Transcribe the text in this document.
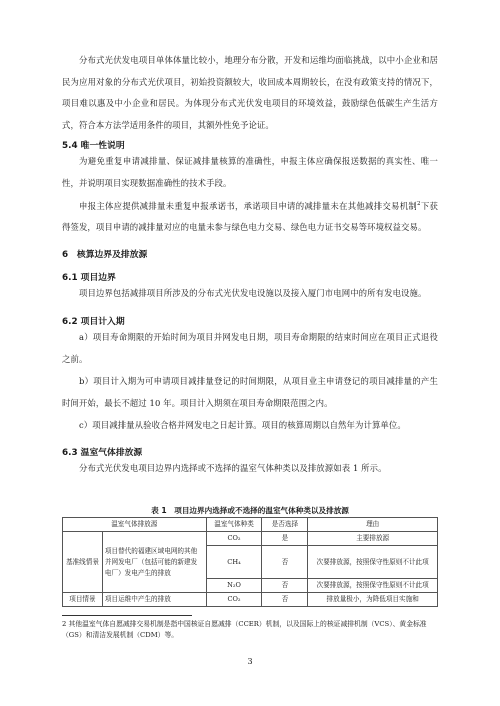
分布式光伏发电项目单体体量比较小，地理分布分散，开发和运维均面临挑战，以中小企业和居民为应用对象的分布式光伏项目，初始投资额较大，收回成本周期较长，在没有政策支持的情况下，项目难以惠及中小企业和居民。为体现分布式光伏发电项目的环境效益，鼓励绿色低碳生产生活方式，符合本方法学适用条件的项目，其额外性免予论证。

5.4 唯一性说明

为避免重复申请减排量、保证减排量核算的准确性，申报主体应确保报送数据的真实性、唯一性，并说明项目实现数据准确性的技术手段。

申报主体应提供减排量未重复申报承诺书，承诺项目申请的减排量未在其他减排交易机制$^2$下获得签发，项目申请的减排量对应的电量未参与绿色电力交易、绿色电力证书交易等环境权益交易。

6　核算边界及排放源
6.1 项目边界

项目边界包括减排项目所涉及的分布式光伏发电设施以及接入厦门市电网中的所有发电设施。

6.2 项目计入期

a）项目寿命期限的开始时间为项目并网发电日期，项目寿命期限的结束时间应在项目正式退役之前。

b）项目计入期为可申请项目减排量登记的时间期限，从项目业主申请登记的项目减排量的产生时间开始，最长不超过 10 年。项目计入期须在项目寿命期限范围之内。

c）项目减排量从验收合格并网发电之日起计算。项目的核算周期以自然年为计算单位。

6.3 温室气体排放源

分布式光伏发电项目边界内选择或不选择的温室气体种类以及排放源如表 1 所示。

表 1　项目边界内选择或不选择的温室气体种类以及排放源

温室气体排放源		温室气体种类	是否选择	理由
基准线情景	项目替代的福建区域电网的其他并网发电厂（包括可能的新建发电厂）发电产生的排放	CO₂	是	主要排放源
		CH₄	否	次要排放源，按照保守性原则不计此项
		N₂O	否	次要排放源，按照保守性原则不计此项
项目情景	项目运维中产生的排放	CO₂	否	排放量极小，为降低项目实施和

2 其他温室气体自愿减排交易机制是指中国核证自愿减排（CCER）机制，以及国际上的核证减排机制（VCS）、黄金标准（GS）和清洁发展机制（CDM）等。

3
